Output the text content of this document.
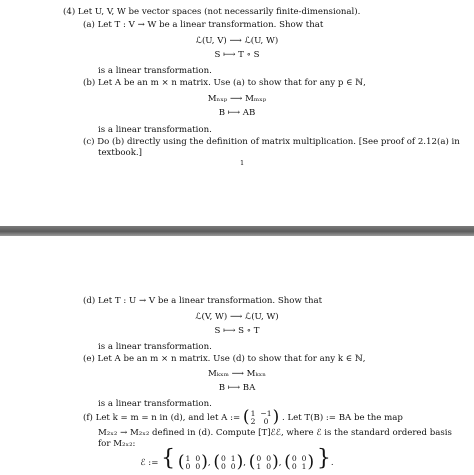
(4) Let U, V, W be vector spaces (not necessarily finite-dimensional).
(a) Let T : V → W be a linear transformation. Show that
ℒ(U, V) ⟶ ℒ(U, W)
S ⟼ T ∘ S
is a linear transformation.
(b) Let A be an m × n matrix. Use (a) to show that for any p ∈ ℕ,
Mₙₓₚ ⟶ Mₘₓₚ
B ⟼ AB
is a linear transformation.
(c) Do (b) directly using the definition of matrix multiplication. [See proof of 2.12(a) in
textbook.]
1
(d) Let T : U → V be a linear transformation. Show that
ℒ(V, W) ⟶ ℒ(U, W)
S ⟼ S ∘ T
is a linear transformation.
(e) Let A be an m × n matrix. Use (d) to show that for any k ∈ ℕ,
Mₖₓₘ ⟶ Mₖₓₙ
B ⟼ BA
is a linear transformation.
(f) Let k = m = n in (d), and let A := ( 1 −1
2	0 ) . Let T(B) := BA be the map
M₂ₓ₂ → M₂ₓ₂ defined in (d). Compute [T]ℰℰ, where ℰ is the standard ordered basis
for M₂ₓ₂:
ℰ := { ( 1 0
0 0 ) , ( 0 1
0 0 ) , ( 0 0
1 0 ) , ( 0 0
0 1 ) }.
